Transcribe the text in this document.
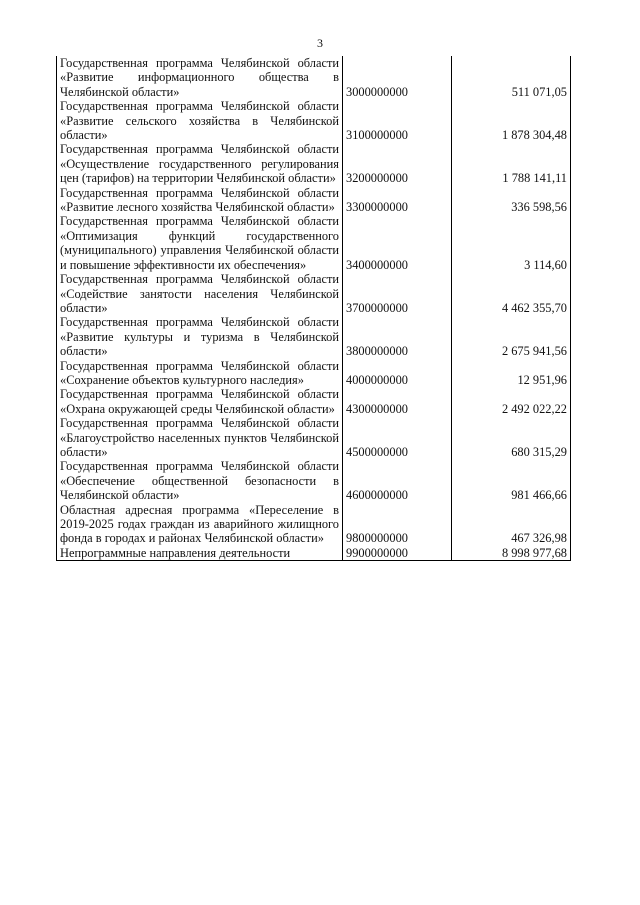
3
Государственная программа Челябинской области «Развитие информационного общества в Челябинской области»	3000000000	511 071,05
Государственная программа Челябинской области «Развитие сельского хозяйства в Челябинской области»	3100000000	1 878 304,48
Государственная программа Челябинской области «Осуществление государственного регулирования цен (тарифов) на территории Челябинской области»	3200000000	1 788 141,11
Государственная программа Челябинской области «Развитие лесного хозяйства Челябинской области»	3300000000	336 598,56
Государственная программа Челябинской области «Оптимизация функций государственного (муниципального) управления Челябинской области и повышение эффективности их обеспечения»	3400000000	3 114,60
Государственная программа Челябинской области «Содействие занятости населения Челябинской области»	3700000000	4 462 355,70
Государственная программа Челябинской области «Развитие культуры и туризма в Челябинской области»	3800000000	2 675 941,56
Государственная программа Челябинской области «Сохранение объектов культурного наследия»	4000000000	12 951,96
Государственная программа Челябинской области «Охрана окружающей среды Челябинской области»	4300000000	2 492 022,22
Государственная программа Челябинской области «Благоустройство населенных пунктов Челябинской области»	4500000000	680 315,29
Государственная программа Челябинской области «Обеспечение общественной безопасности в Челябинской области»	4600000000	981 466,66
Областная адресная программа «Переселение в 2019-2025 годах граждан из аварийного жилищного фонда в городах и районах Челябинской области»	9800000000	467 326,98
Непрограммные направления деятельности	9900000000	8 998 977,68
